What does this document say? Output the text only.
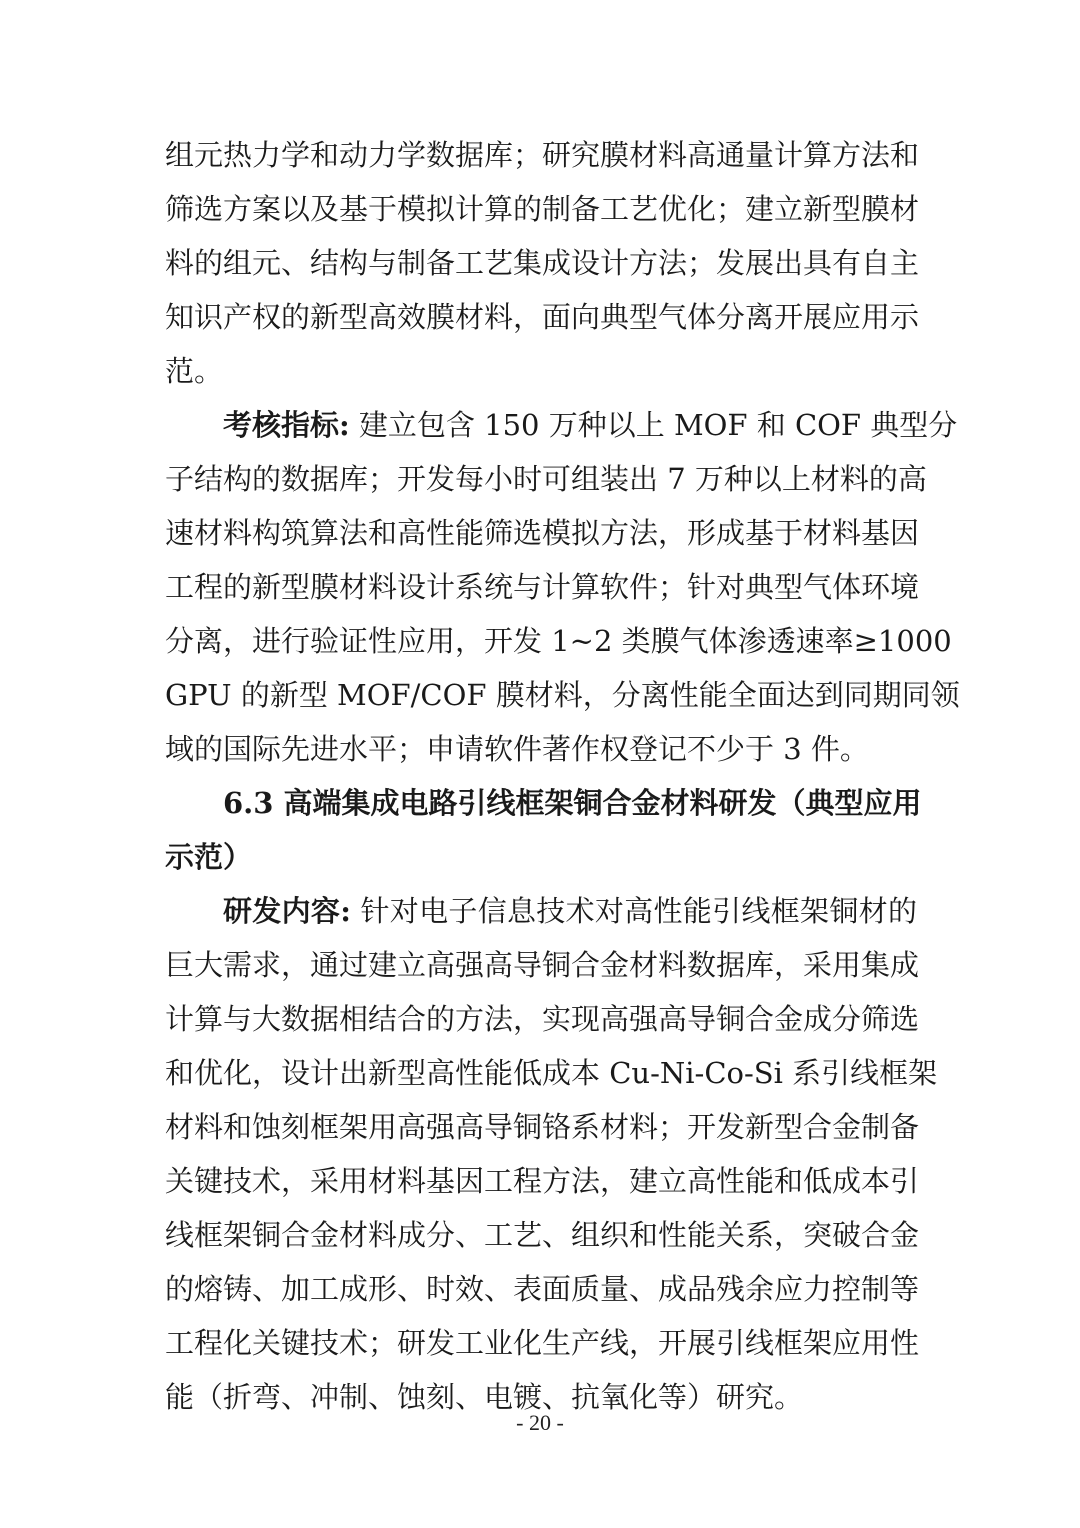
组元热力学和动力学数据库；研究膜材料高通量计算方法和
筛选方案以及基于模拟计算的制备工艺优化；建立新型膜材
料的组元、结构与制备工艺集成设计方法；发展出具有自主
知识产权的新型高效膜材料，面向典型气体分离开展应用示
范。
考核指标: 建立包含 150 万种以上 MOF 和 COF 典型分
子结构的数据库；开发每小时可组装出 7 万种以上材料的高
速材料构筑算法和高性能筛选模拟方法，形成基于材料基因
工程的新型膜材料设计系统与计算软件；针对典型气体环境
分离，进行验证性应用，开发 1~2 类膜气体渗透速率≥1000
GPU 的新型 MOF/COF 膜材料，分离性能全面达到同期同领
域的国际先进水平；申请软件著作权登记不少于 3 件。
6.3 高端集成电路引线框架铜合金材料研发（典型应用
示范）
研发内容: 针对电子信息技术对高性能引线框架铜材的
巨大需求，通过建立高强高导铜合金材料数据库，采用集成
计算与大数据相结合的方法，实现高强高导铜合金成分筛选
和优化，设计出新型高性能低成本 Cu-Ni-Co-Si 系引线框架
材料和蚀刻框架用高强高导铜铬系材料；开发新型合金制备
关键技术，采用材料基因工程方法，建立高性能和低成本引
线框架铜合金材料成分、工艺、组织和性能关系，突破合金
的熔铸、加工成形、时效、表面质量、成品残余应力控制等
工程化关键技术；研发工业化生产线，开展引线框架应用性
能（折弯、冲制、蚀刻、电镀、抗氧化等）研究。
- 20 -
